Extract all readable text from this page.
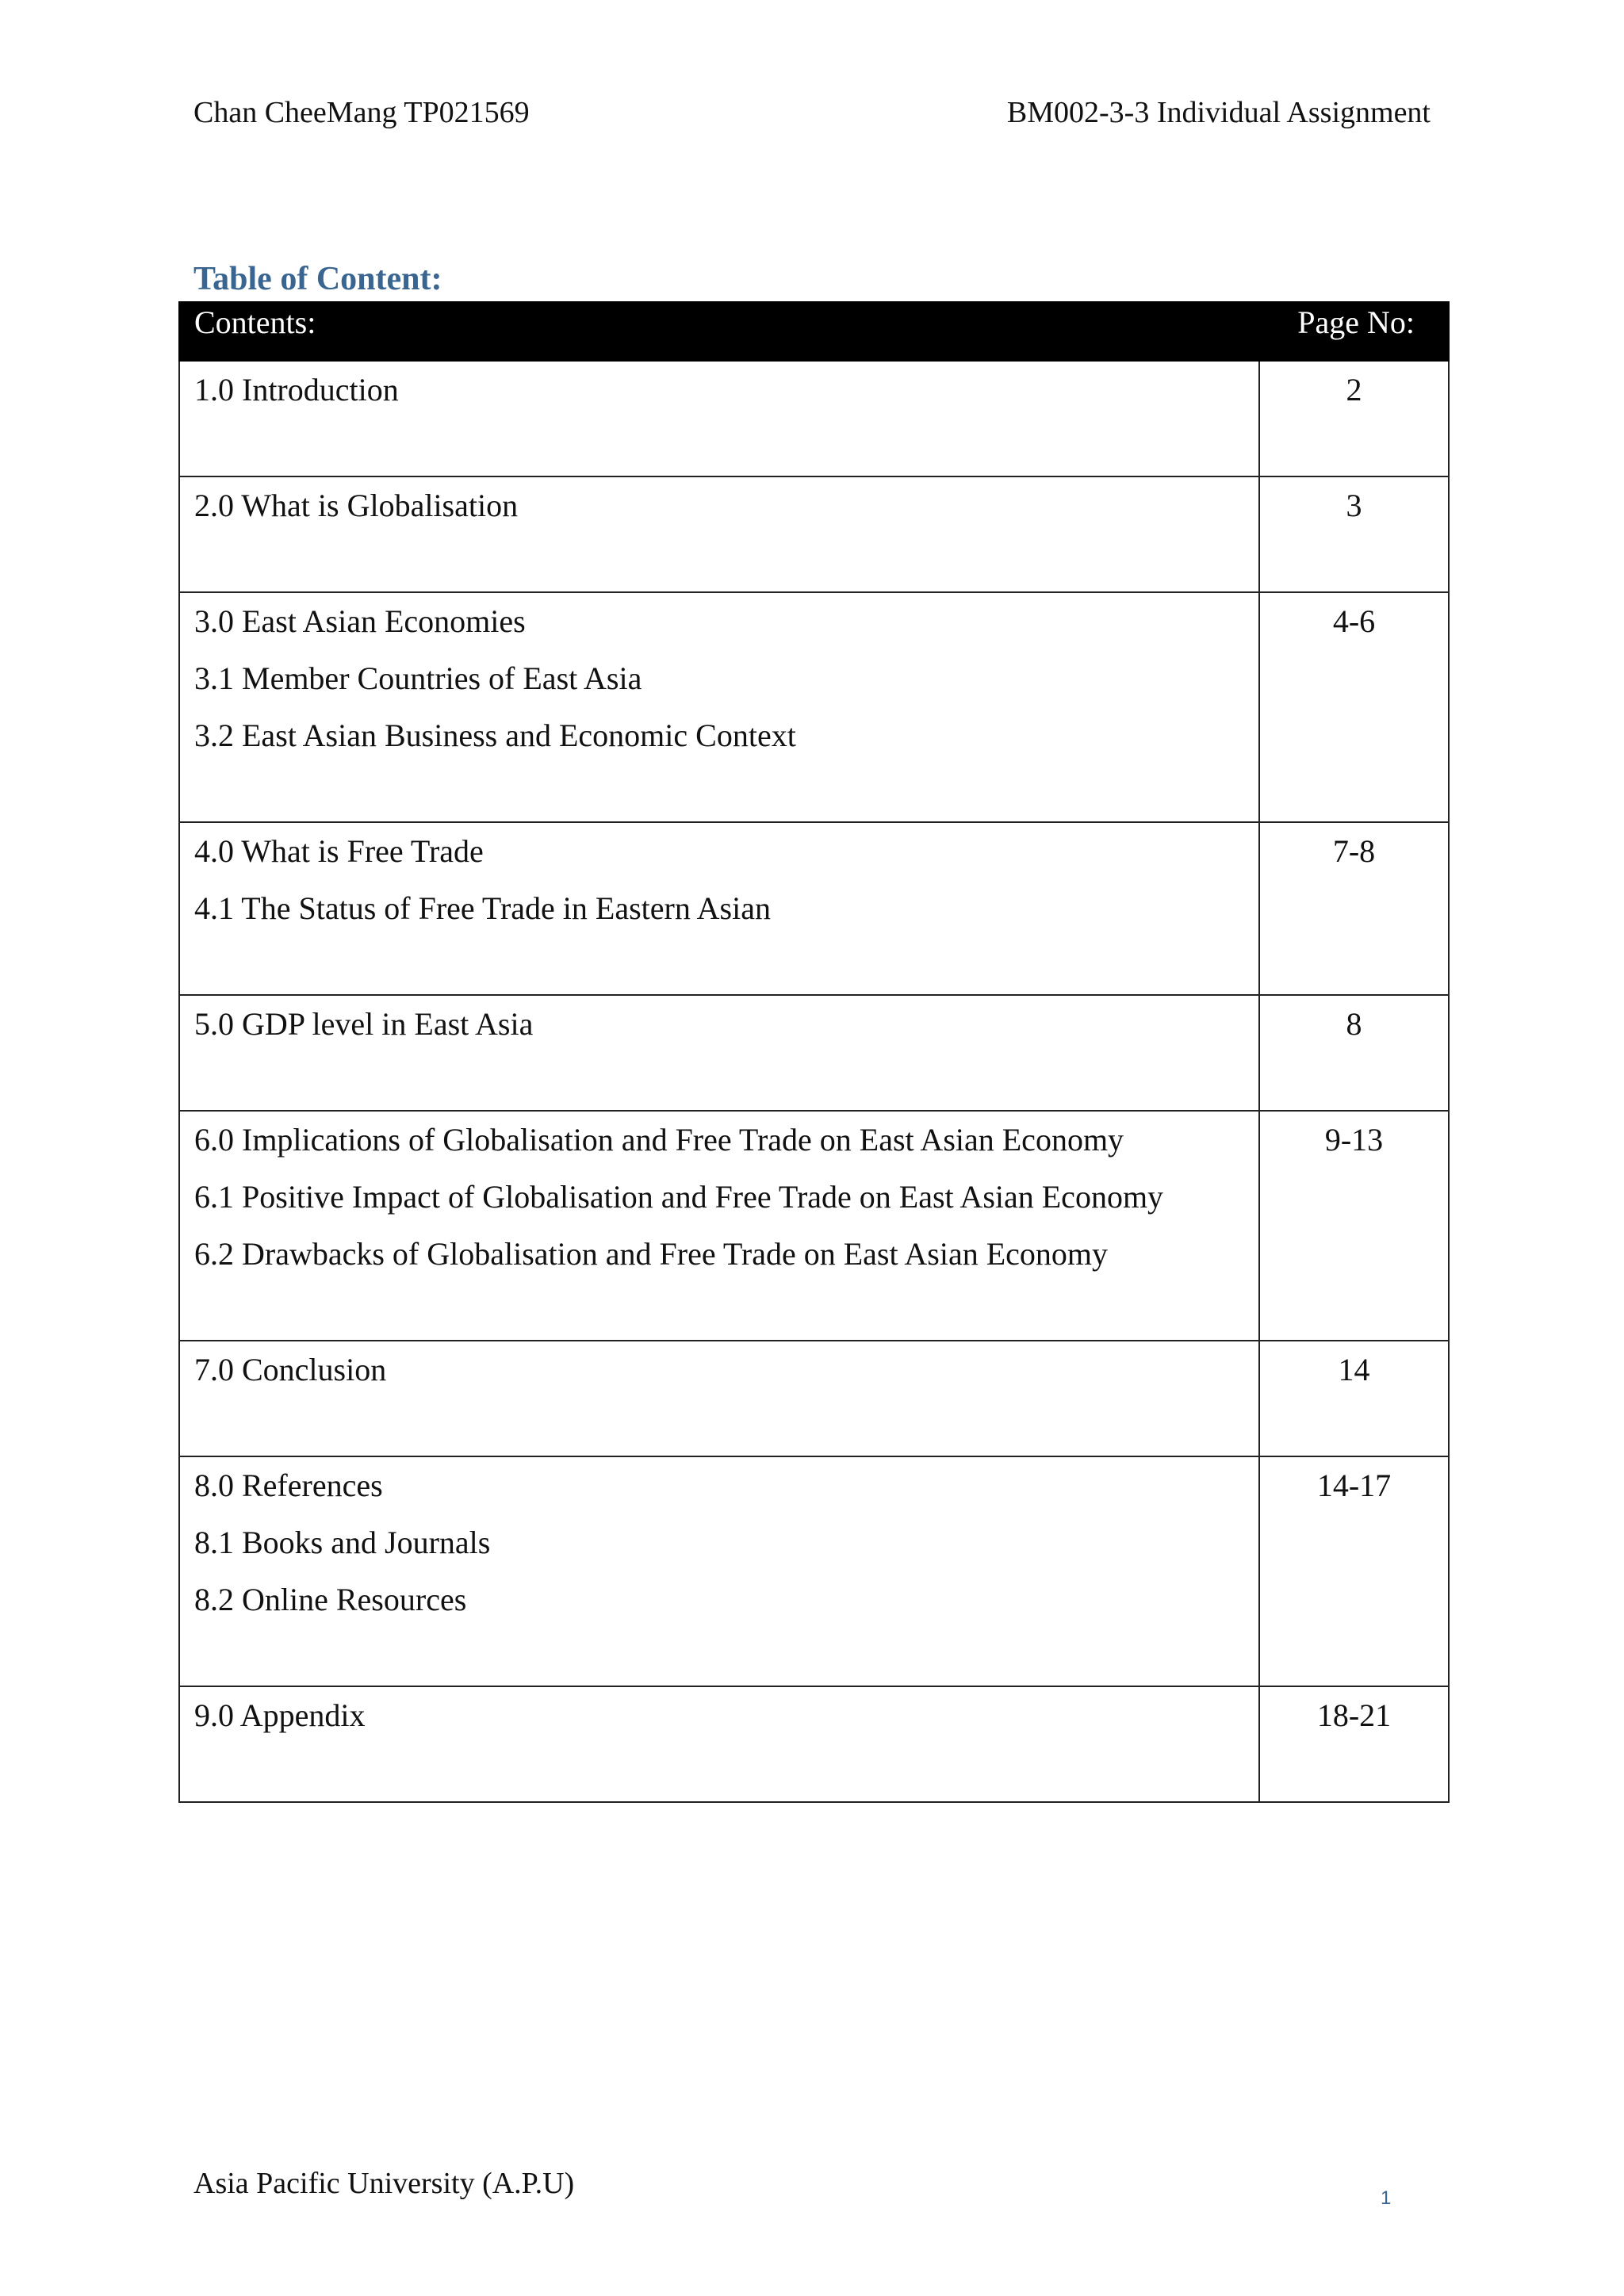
Chan CheeMang TP021569	BM002-3-3 Individual Assignment
Table of Content:
Contents:	Page No:

1.0 Introduction	2

2.0 What is Globalisation	3

3.0 East Asian Economies
3.1 Member Countries of East Asia
3.2 East Asian Business and Economic Context	4-6

4.0 What is Free Trade
4.1 The Status of Free Trade in Eastern Asian	7-8

5.0 GDP level in East Asia	8

6.0 Implications of Globalisation and Free Trade on East Asian Economy
6.1 Positive Impact of Globalisation and Free Trade on East Asian Economy
6.2 Drawbacks of Globalisation and Free Trade on East Asian Economy	9-13

7.0 Conclusion	14

8.0 References
8.1 Books and Journals
8.2 Online Resources	14-17

9.0 Appendix	18-21
Asia Pacific University (A.P.U)	1
